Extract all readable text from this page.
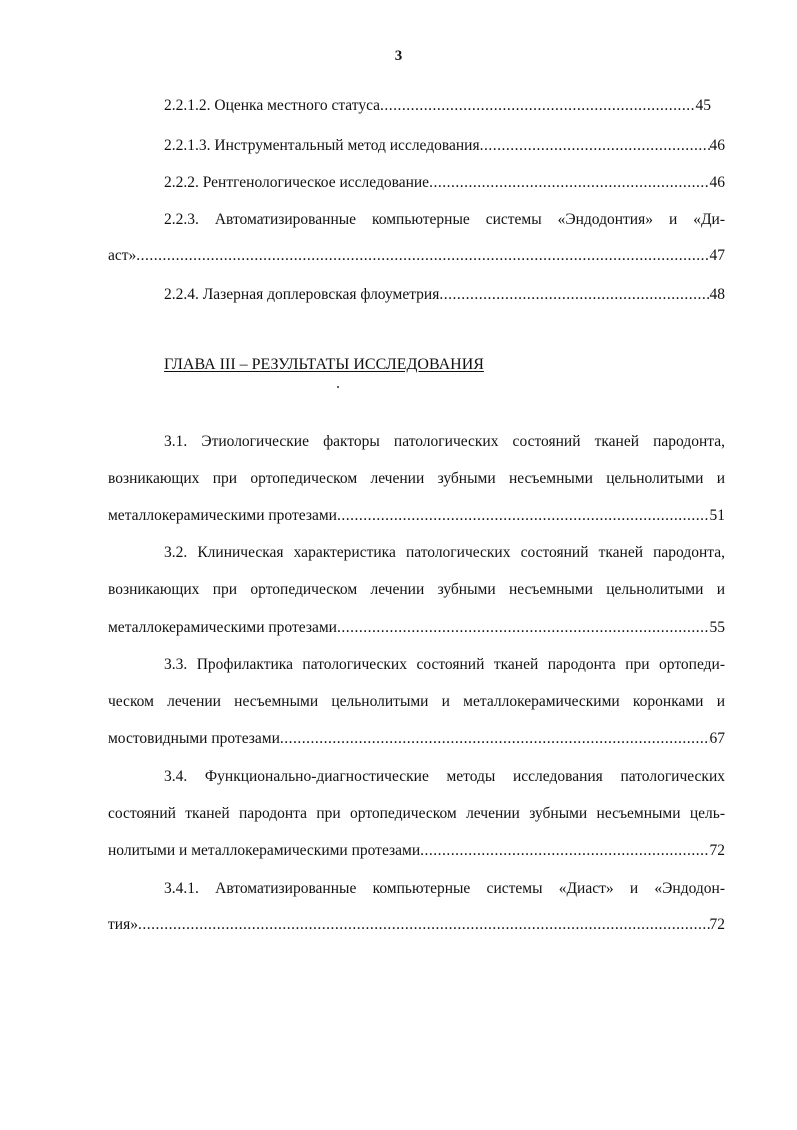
3
2.2.1.2. Оценка местного статуса .....	45
2.2.1.3. Инструментальный метод исследования .....	46
2.2.2. Рентгенологическое исследование .....	46
2.2.3. Автоматизированные компьютерные системы «Эндодонтия» и «Ди-
аст» .....	47
2.2.4. Лазерная доплеровская флоуметрия .....	48
ГЛАВА III – РЕЗУЛЬТАТЫ ИССЛЕДОВАНИЯ
3.1. Этиологические факторы патологических состояний тканей пародонта,
возникающих при ортопедическом лечении зубными несъемными цельнолитыми и
металлокерамическими протезами .....	51
3.2. Клиническая характеристика патологических состояний тканей пародонта,
возникающих при ортопедическом лечении зубными несъемными цельнолитыми и
металлокерамическими протезами .....	55
3.3. Профилактика патологических состояний тканей пародонта при ортопеди-
ческом лечении несъемными цельнолитыми и металлокерамическими коронками и
мостовидными протезами .....	67
3.4. Функционально-диагностические методы исследования патологических
состояний тканей пародонта при ортопедическом лечении зубными несъемными цель-
нолитыми и металлокерамическими протезами .....	72
3.4.1. Автоматизированные компьютерные системы «Диаст» и «Эндодон-
тия» .....	72
